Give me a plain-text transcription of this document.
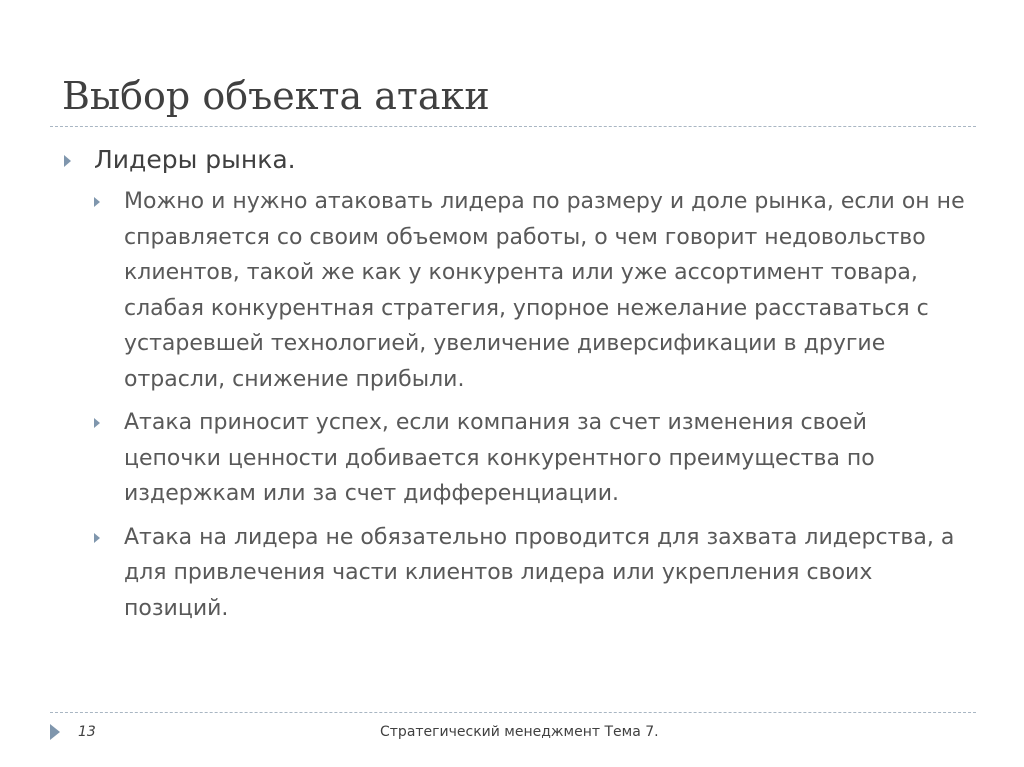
Выбор объекта атаки
Лидеры рынка.
Можно и нужно атаковать лидера по размеру и доле рынка, если он не справляется со своим объемом работы, о чем говорит недовольство клиентов, такой же как у конкурента или уже ассортимент товара, слабая конкурентная стратегия, упорное нежелание расставаться с устаревшей технологией, увеличение диверсификации в другие отрасли, снижение прибыли.
Атака приносит успех, если компания за счет изменения своей цепочки ценности добивается конкурентного преимущества по издержкам или за счет дифференциации.
Атака на лидера не обязательно проводится для захвата лидерства, а для привлечения части клиентов лидера или укрепления своих позиций.
13	Стратегический менеджмент Тема 7.
